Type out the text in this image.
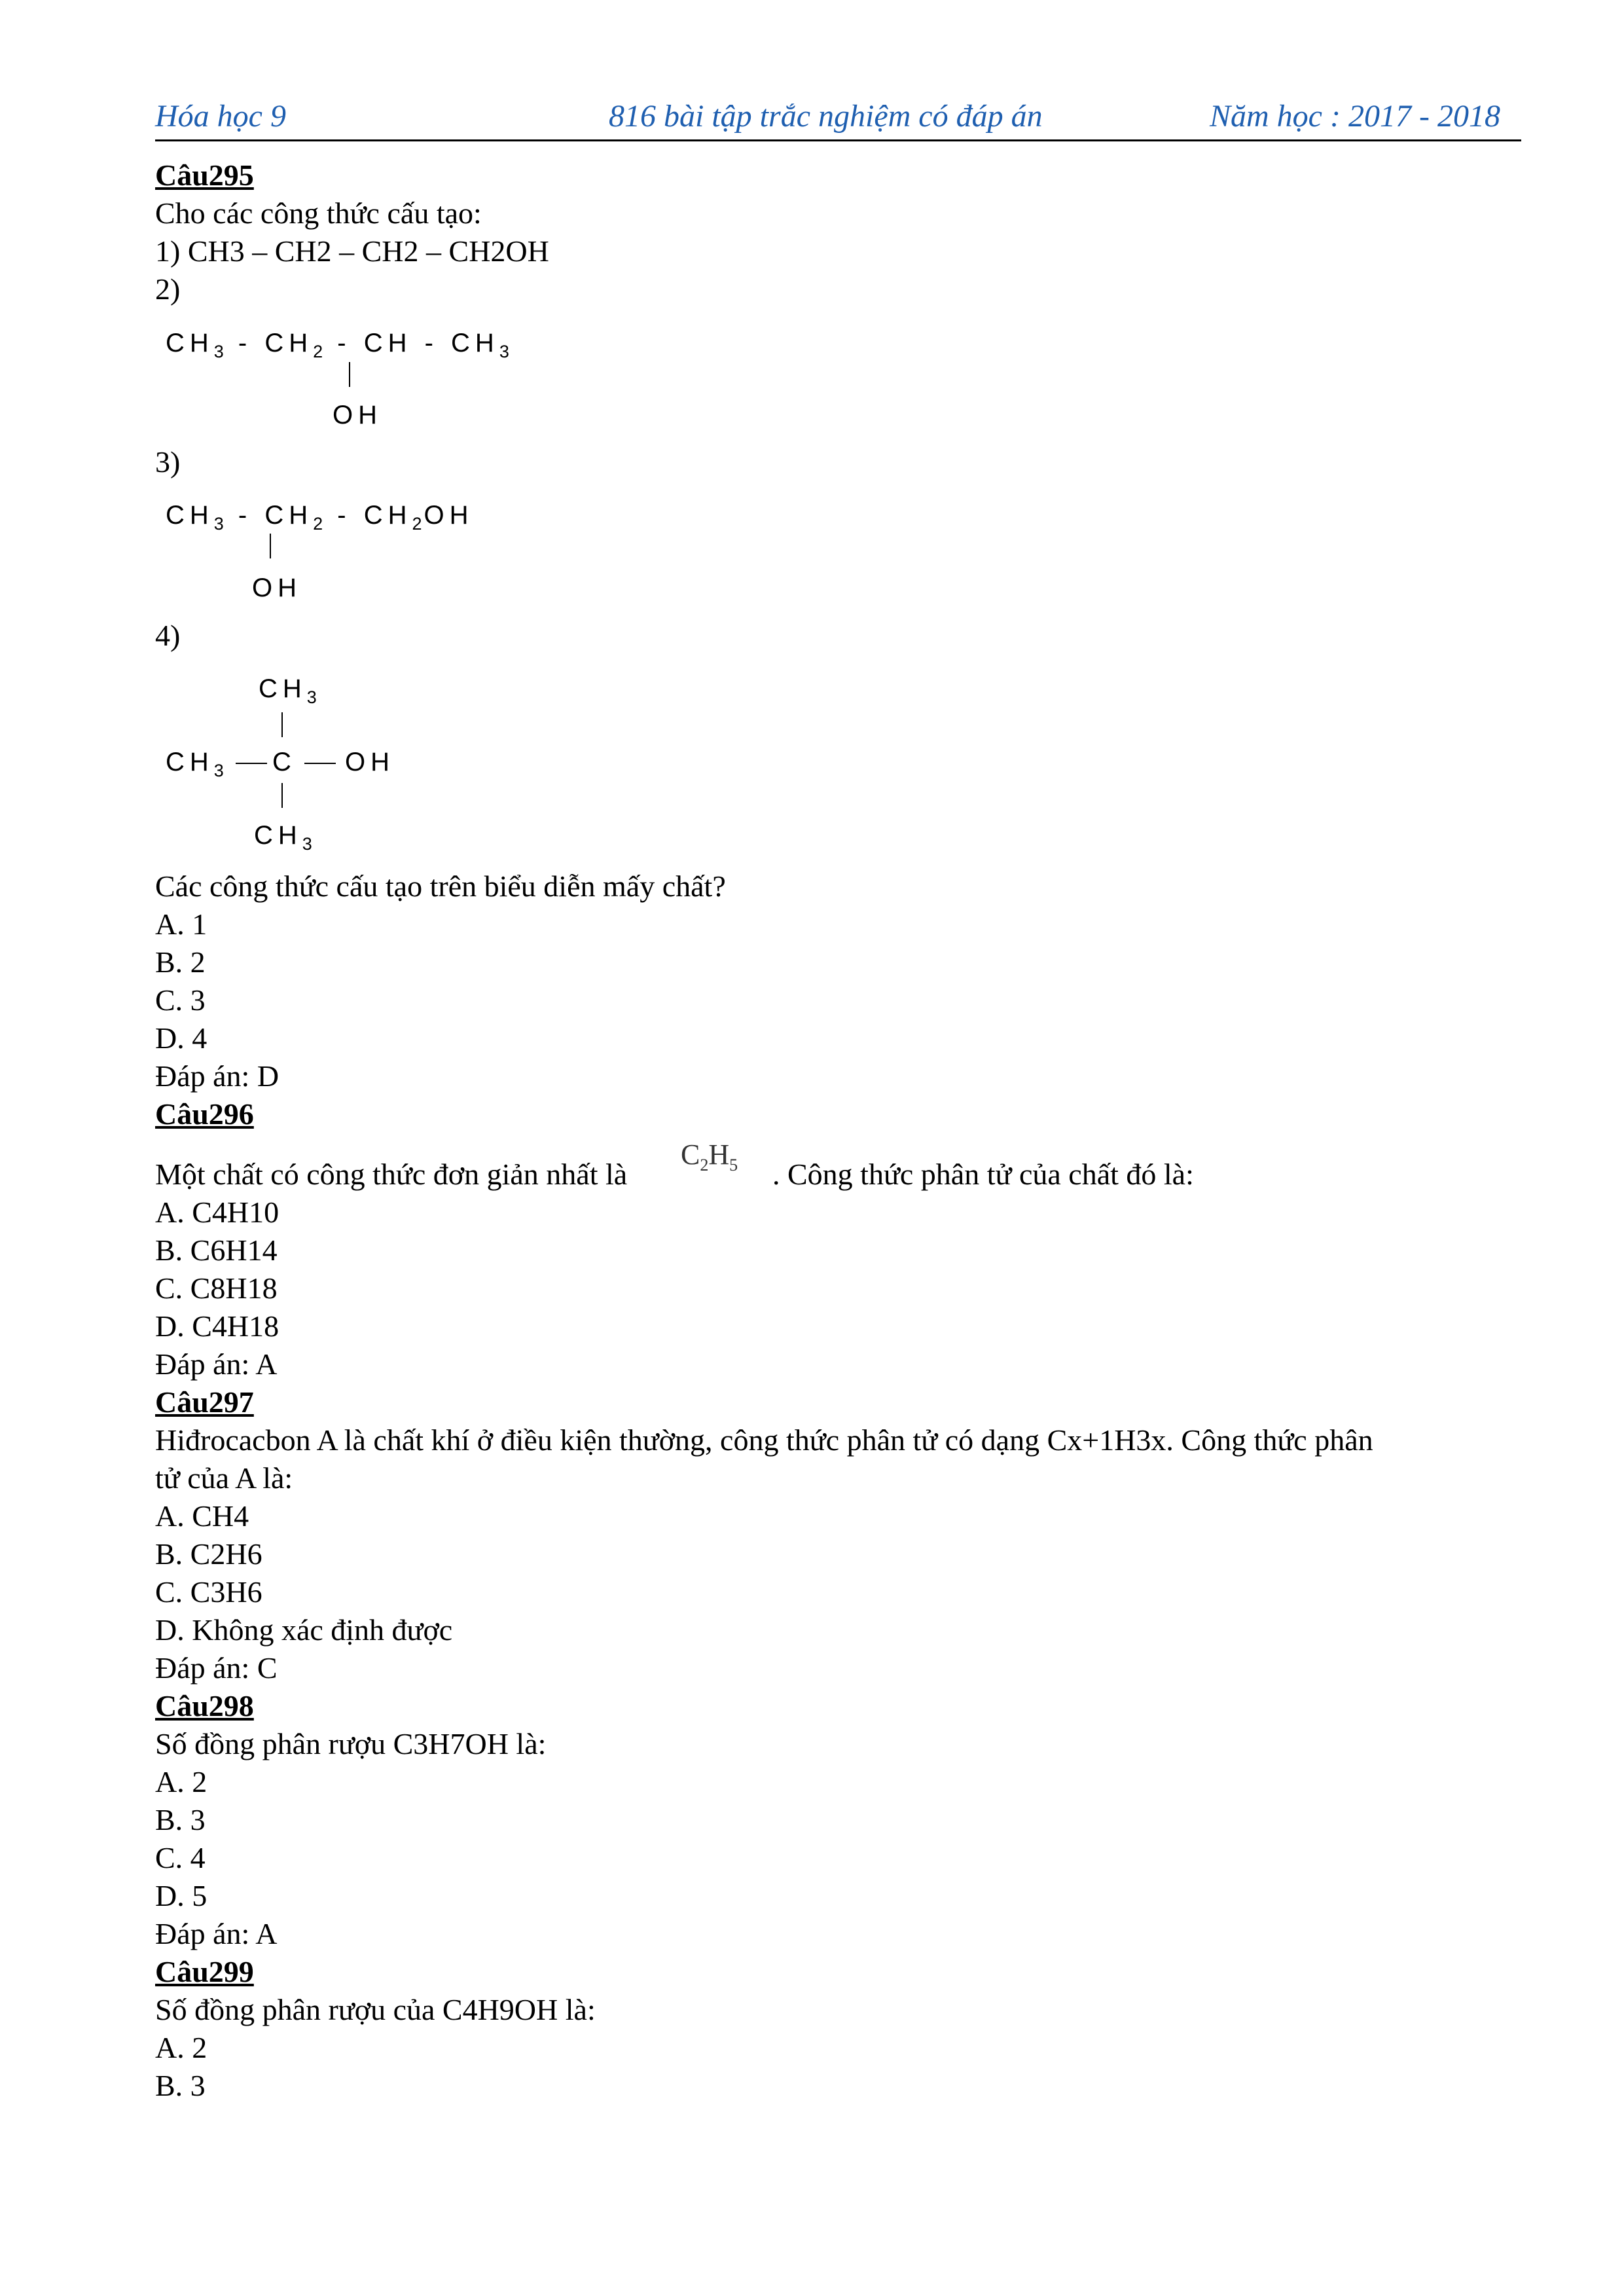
Hóa học 9	816 bài tập trắc nghiệm có đáp án	Năm học : 2017 - 2018
Câu295
Cho các công thức cấu tạo:
1) CH3 – CH2 – CH2 – CH2OH
2)
$CH_3 - CH_2$ - CH - $CH_3$
OH
3)
$CH_3 - CH_2 - CH_2OH$
OH
4)
$CH_3$
$CH_3$ C OH
$CH_3$
Các công thức cấu tạo trên biểu diễn mấy chất?
A. 1
B. 2
C. 3
D. 4
Đáp án: D
Câu296
Một chất có công thức đơn giản nhất là
$C_2H_5$ . Công thức phân tử của chất đó là:
A. C4H10
B. C6H14
C. C8H18
D. C4H18
Đáp án: A
Câu297
Hiđrocacbon A là chất khí ở điều kiện thường, công thức phân tử có dạng Cx+1H3x. Công thức phân
tử của A là:
A. CH4
B. C2H6
C. C3H6
D. Không xác định được
Đáp án: C
Câu298
Số đồng phân rượu C3H7OH là:
A. 2
B. 3
C. 4
D. 5
Đáp án: A
Câu299
Số đồng phân rượu của C4H9OH là:
A. 2
B. 3
